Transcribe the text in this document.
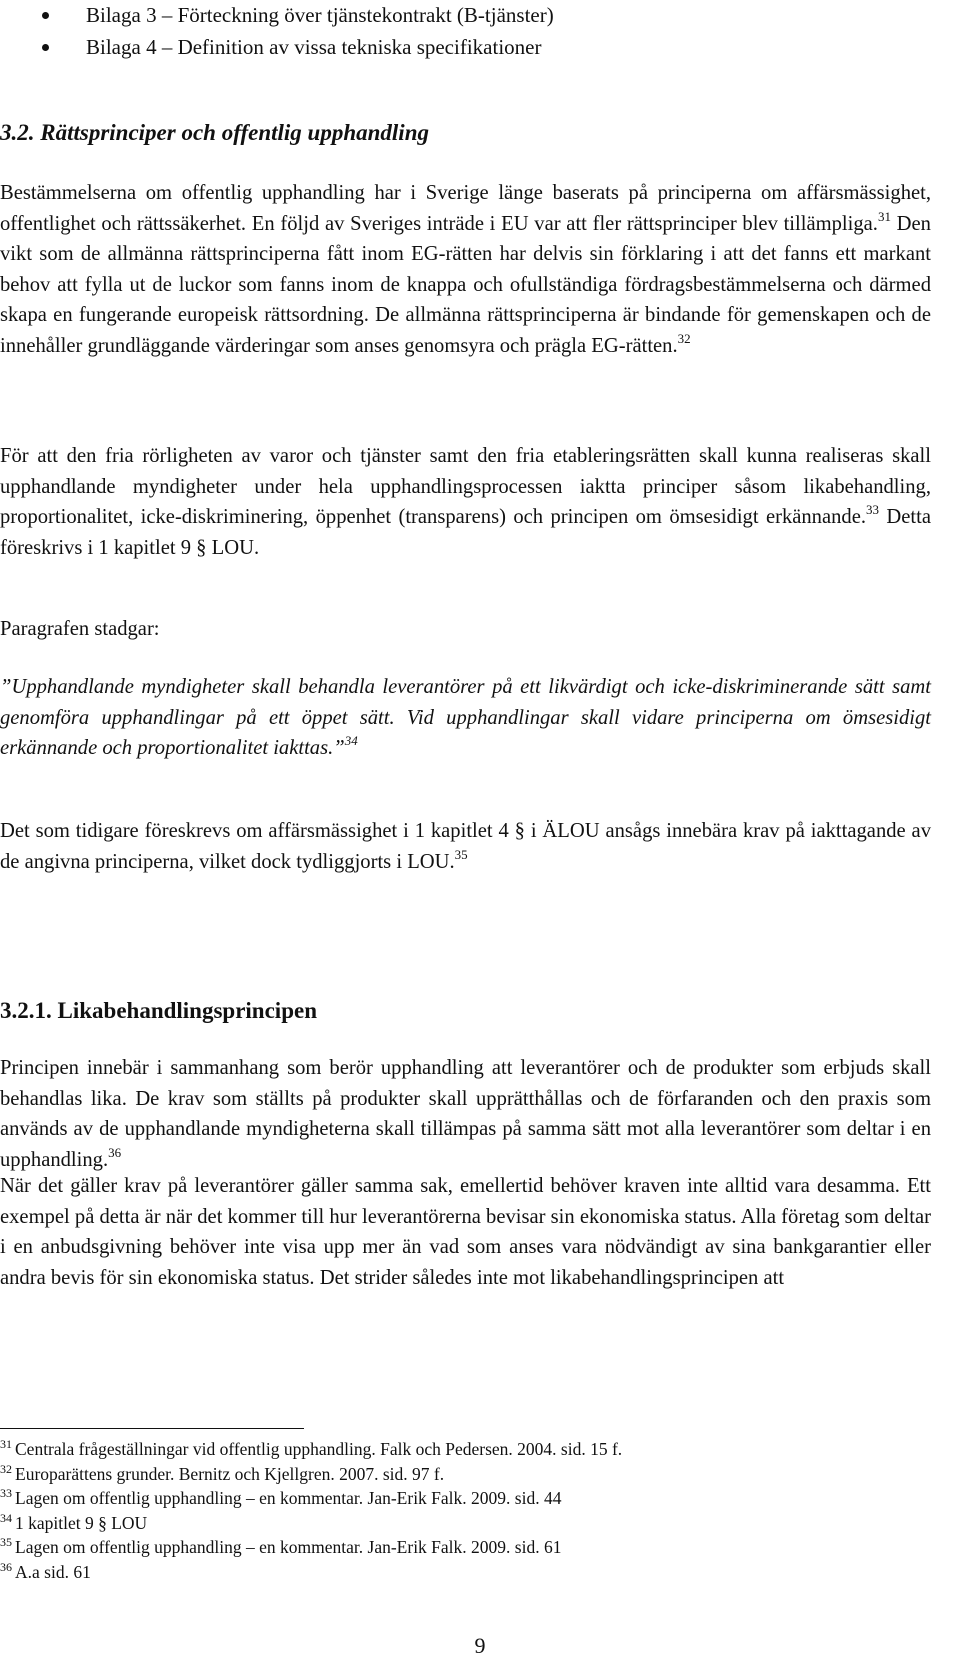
Bilaga 3 – Förteckning över tjänstekontrakt (B-tjänster)
Bilaga 4 – Definition av vissa tekniska specifikationer
3.2. Rättsprinciper och offentlig upphandling

Bestämmelserna om offentlig upphandling har i Sverige länge baserats på principerna om affärsmässighet, offentlighet och rättssäkerhet. En följd av Sveriges inträde i EU var att fler rättsprinciper blev tillämpliga.$^{31}$ Den vikt som de allmänna rättsprinciperna fått inom EG-rätten har delvis sin förklaring i att det fanns ett markant behov att fylla ut de luckor som fanns inom de knappa och ofullständiga fördragsbestämmelserna och därmed skapa en fungerande europeisk rättsordning. De allmänna rättsprinciperna är bindande för gemenskapen och de innehåller grundläggande värderingar som anses genomsyra och prägla EG-rätten.$^{32}$

För att den fria rörligheten av varor och tjänster samt den fria etableringsrätten skall kunna realiseras skall upphandlande myndigheter under hela upphandlingsprocessen iakttа principer såsom likabehandling, proportionalitet, icke-diskriminering, öppenhet (transparens) och principen om ömsesidigt erkännande.$^{33}$ Detta föreskrivs i 1 kapitlet 9 § LOU.

Paragrafen stadgar:

”Upphandlande myndigheter skall behandla leverantörer på ett likvärdigt och icke-diskriminerande sätt samt genomföra upphandlingar på ett öppet sätt. Vid upphandlingar skall vidare principerna om ömsesidigt erkännande och proportionalitet iakttas.”$^{34}$

Det som tidigare föreskrevs om affärsmässighet i 1 kapitlet 4 § i ÄLOU ansågs innebära krav på iakttagande av de angivna principerna, vilket dock tydliggjorts i LOU.$^{35}$

3.2.1. Likabehandlingsprincipen

Principen innebär i sammanhang som berör upphandling att leverantörer och de produkter som erbjuds skall behandlas lika. De krav som ställts på produkter skall upprätthållas och de förfaranden och den praxis som används av de upphandlande myndigheterna skall tillämpas på samma sätt mot alla leverantörer som deltar i en upphandling.$^{36}$

När det gäller krav på leverantörer gäller samma sak, emellertid behöver kraven inte alltid vara desamma. Ett exempel på detta är när det kommer till hur leverantörerna bevisar sin ekonomiska status. Alla företag som deltar i en anbudsgivning behöver inte visa upp mer än vad som anses vara nödvändigt av sina bankgarantier eller andra bevis för sin ekonomiska status. Det strider således inte mot likabehandlingsprincipen att

$^{31}$ Centrala frågeställningar vid offentlig upphandling. Falk och Pedersen. 2004. sid. 15 f.
$^{32}$ Europarättens grunder. Bernitz och Kjellgren. 2007. sid. 97 f.
$^{33}$ Lagen om offentlig upphandling – en kommentar. Jan-Erik Falk. 2009. sid. 44
$^{34}$ 1 kapitlet 9 § LOU
$^{35}$ Lagen om offentlig upphandling – en kommentar. Jan-Erik Falk. 2009. sid. 61
$^{36}$ A.a sid. 61
9
